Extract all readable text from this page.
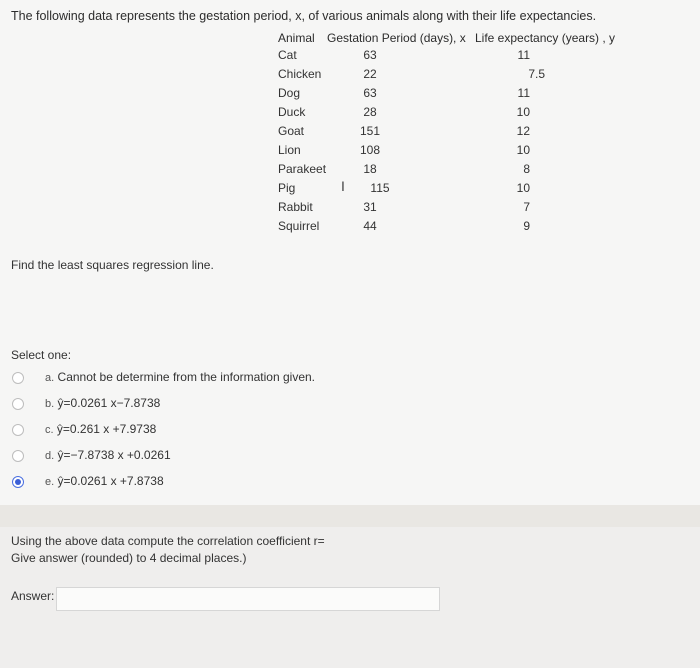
The following data represents the gestation period, x, of various animals along with their life expectancies.
Animal Gestation Period (days), x Life expectancy (years) , y
Cat	63	11
Chicken	22	7.5
Dog	63	11
Duck	28	10
Goat	151	12
Lion	108	10
Parakeet	18	8
Pig	115	10
Rabbit	31	7
Squirrel	44	9
I
Find the least squares regression line.
Select one:
a. Cannot be determine from the information given.
b. ŷ=0.0261 x−7.8738
c. ŷ=0.261 x +7.9738
d. ŷ=−7.8738 x +0.0261
e. ŷ=0.0261 x +7.8738
Using the above data compute the correlation coefficient r=
Give answer (rounded) to 4 decimal places.)
Answer:
